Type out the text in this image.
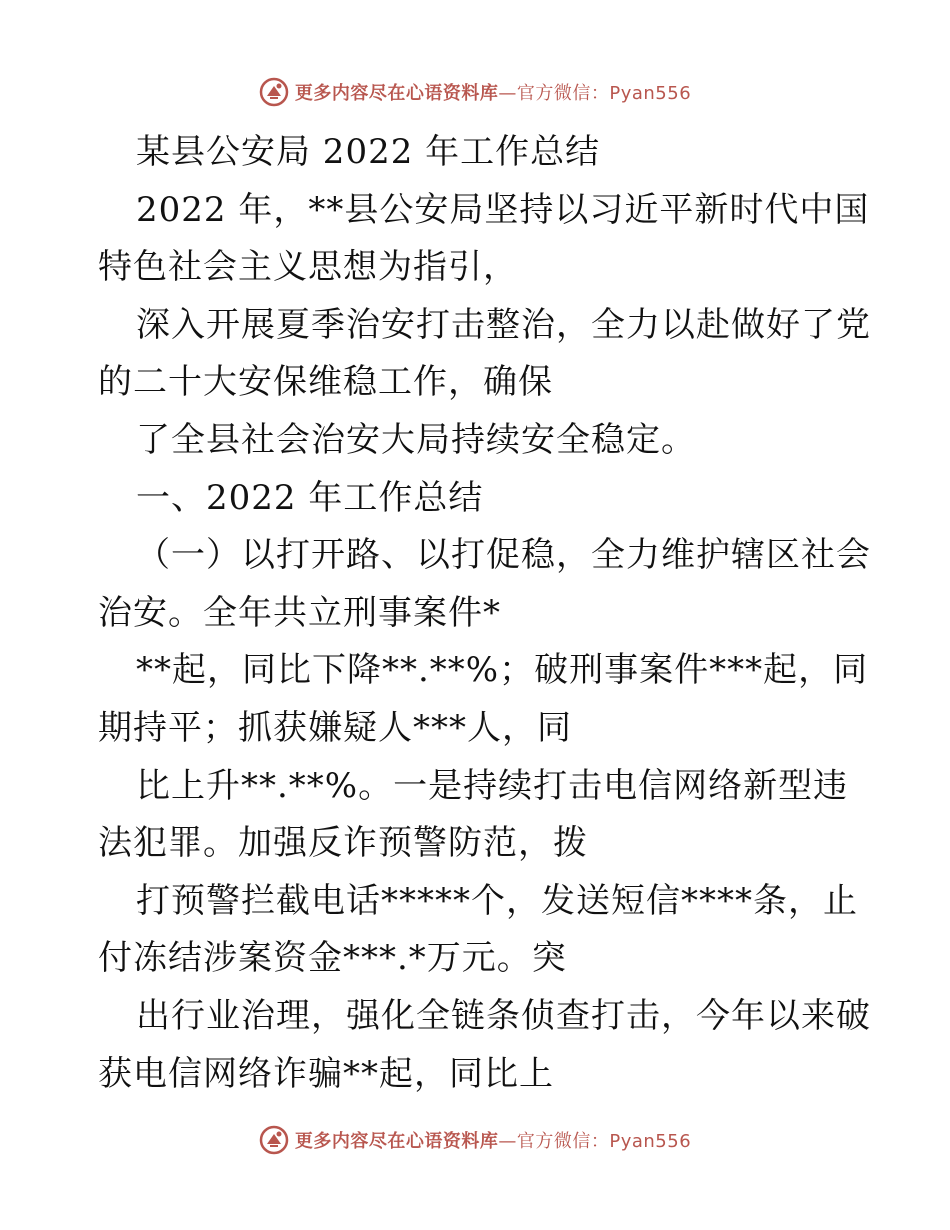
更多内容尽在心语资料库—官方微信：Pyan556
某县公安局 2022 年工作总结
2022 年，**县公安局坚持以习近平新时代中国
特色社会主义思想为指引，
深入开展夏季治安打击整治，全力以赴做好了党
的二十大安保维稳工作，确保
了全县社会治安大局持续安全稳定。
一、2022 年工作总结
（一）以打开路、以打促稳，全力维护辖区社会
治安。全年共立刑事案件*
**起，同比下降**.**%；破刑事案件***起，同
期持平；抓获嫌疑人***人，同
比上升**.**%。一是持续打击电信网络新型违
法犯罪。加强反诈预警防范，拨
打预警拦截电话*****个，发送短信****条，止
付冻结涉案资金***.*万元。突
出行业治理，强化全链条侦查打击，今年以来破
获电信网络诈骗**起，同比上
更多内容尽在心语资料库—官方微信：Pyan556
